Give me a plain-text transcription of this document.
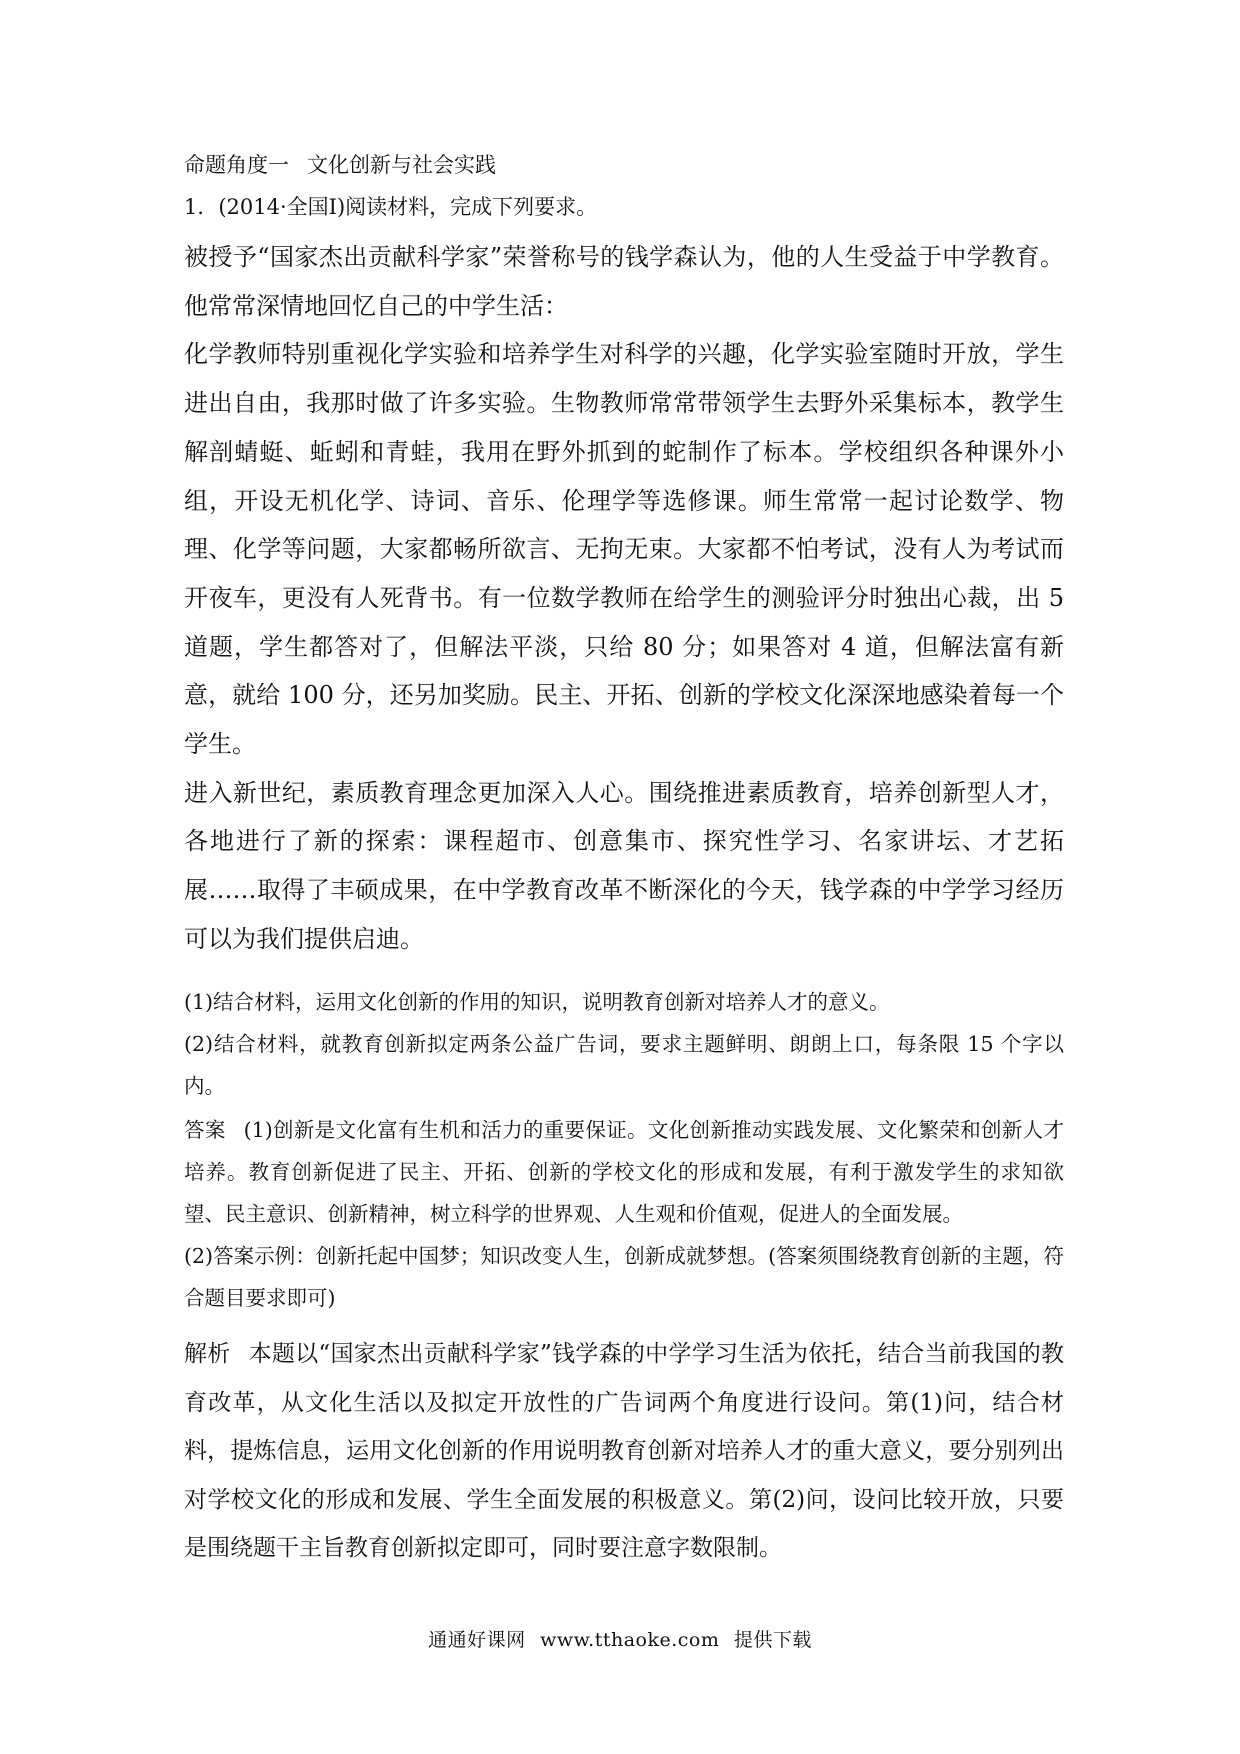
命题角度一 文化创新与社会实践
1．(2014·全国Ⅰ)阅读材料，完成下列要求。

被授予“国家杰出贡献科学家”荣誉称号的钱学森认为，他的人生受益于中学教育。他常常深情地回忆自己的中学生活：

化学教师特别重视化学实验和培养学生对科学的兴趣，化学实验室随时开放，学生进出自由，我那时做了许多实验。生物教师常常带领学生去野外采集标本，教学生解剖蜻蜓、蚯蚓和青蛙，我用在野外抓到的蛇制作了标本。学校组织各种课外小组，开设无机化学、诗词、音乐、伦理学等选修课。师生常常一起讨论数学、物理、化学等问题，大家都畅所欲言、无拘无束。大家都不怕考试，没有人为考试而开夜车，更没有人死背书。有一位数学教师在给学生的测验评分时独出心裁，出 5 道题，学生都答对了，但解法平淡，只给 80 分；如果答对 4 道，但解法富有新意，就给 100 分，还另加奖励。民主、开拓、创新的学校文化深深地感染着每一个学生。

进入新世纪，素质教育理念更加深入人心。围绕推进素质教育，培养创新型人才，各地进行了新的探索：课程超市、创意集市、探究性学习、名家讲坛、才艺拓展……取得了丰硕成果，在中学教育改革不断深化的今天，钱学森的中学学习经历可以为我们提供启迪。

(1)结合材料，运用文化创新的作用的知识，说明教育创新对培养人才的意义。

(2)结合材料，就教育创新拟定两条公益广告词，要求主题鲜明、朗朗上口，每条限 15 个字以内。

答案 (1)创新是文化富有生机和活力的重要保证。文化创新推动实践发展、文化繁荣和创新人才培养。教育创新促进了民主、开拓、创新的学校文化的形成和发展，有利于激发学生的求知欲望、民主意识、创新精神，树立科学的世界观、人生观和价值观，促进人的全面发展。

(2)答案示例：创新托起中国梦；知识改变人生，创新成就梦想。(答案须围绕教育创新的主题，符合题目要求即可)

解析 本题以“国家杰出贡献科学家”钱学森的中学学习生活为依托，结合当前我国的教育改革，从文化生活以及拟定开放性的广告词两个角度进行设问。第(1)问，结合材料，提炼信息，运用文化创新的作用说明教育创新对培养人才的重大意义，要分别列出对学校文化的形成和发展、学生全面发展的积极意义。第(2)问，设问比较开放，只要是围绕题干主旨教育创新拟定即可，同时要注意字数限制。

通通好课网 www.tthaoke.com 提供下载
